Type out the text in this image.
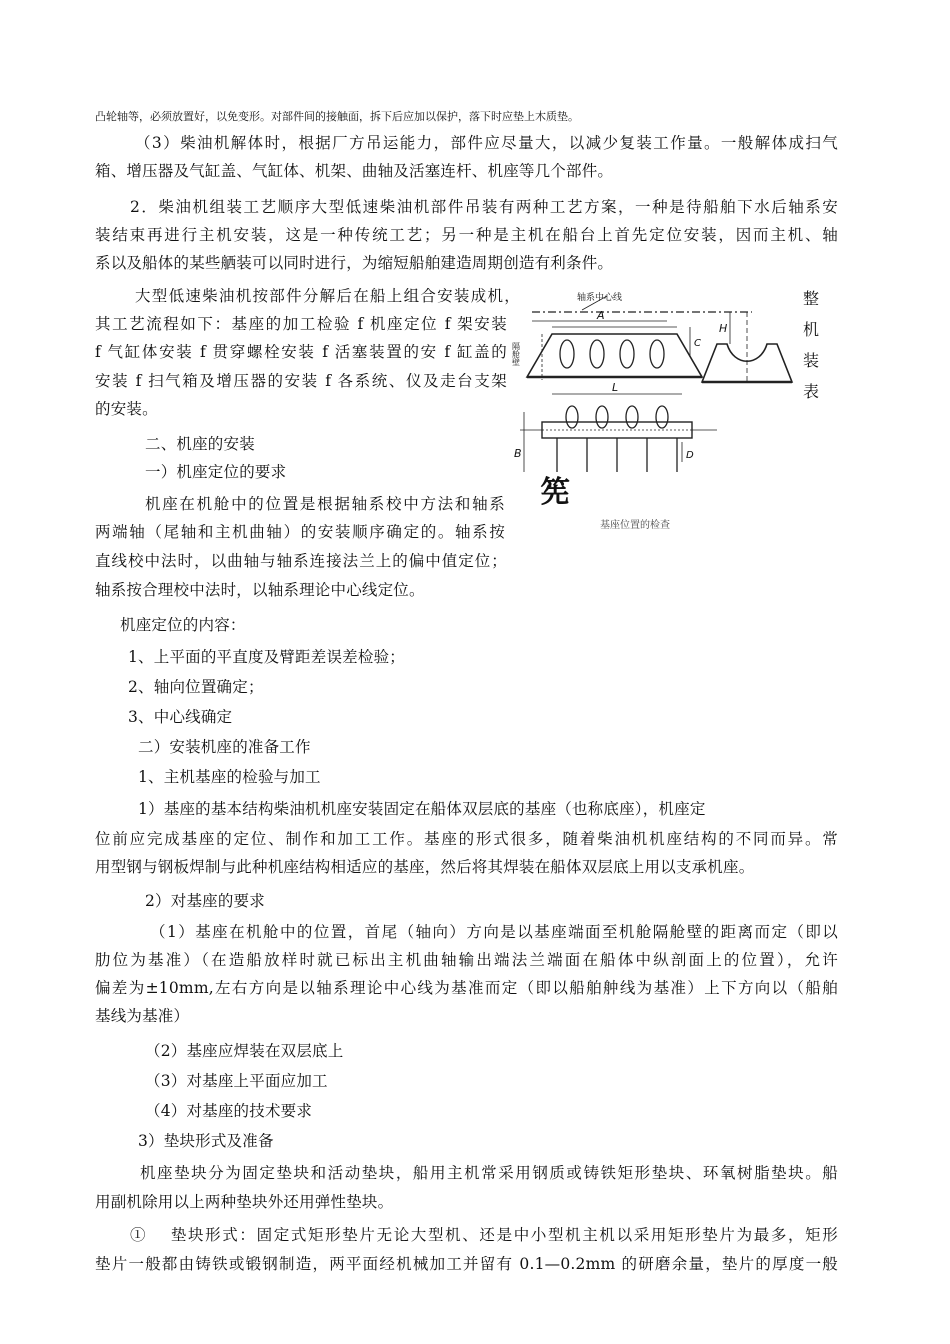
凸轮轴等，必须放置好，以免变形。对部件间的接触面，拆下后应加以保护，落下时应垫上木质垫。
（3）柴油机解体时，根据厂方吊运能力，部件应尽量大，以减少复装工作量。一般解体成扫气
箱、增压器及气缸盖、气缸体、机架、曲轴及活塞连杆、机座等几个部件。
2．柴油机组装工艺顺序大型低速柴油机部件吊装有两种工艺方案，一种是待船舶下水后轴系安
装结束再进行主机安装，这是一种传统工艺；另一种是主机在船台上首先定位安装，因而主机、轴
系以及船体的某些舾装可以同时进行，为缩短船舶建造周期创造有利条件。
大型低速柴油机按部件分解后在船上组合安装成机，
其工艺流程如下：基座的加工检验 f 机座定位 f 架安装
f 气缸体安装 f 贯穿螺栓安装 f 活塞装置的安 f 缸盖的
安装 f 扫气箱及增压器的安装 f 各系统、仪及走台支架
的安装。
二、机座的安装
一）机座定位的要求
机座在机舱中的位置是根据轴系校中方法和轴系
两端轴（尾轴和主机曲轴）的安装顺序确定的。轴系按
直线校中法时，以曲轴与轴系连接法兰上的偏中值定位；
轴系按合理校中法时，以轴系理论中心线定位。
机座定位的内容：
1、上平面的平直度及臂距差误差检验；
2、轴向位置确定；
3、中心线确定
二）安装机座的准备工作
1、主机基座的检验与加工
1）基座的基本结构柴油机机座安装固定在船体双层底的基座（也称底座），机座定
位前应完成基座的定位、制作和加工工作。基座的形式很多，随着柴油机机座结构的不同而异。常
用型钢与钢板焊制与此种机座结构相适应的基座，然后将其焊装在船体双层底上用以支承机座。
2）对基座的要求
（1）基座在机舱中的位置，首尾（轴向）方向是以基座端面至机舱隔舱壁的距离而定（即以
肋位为基准）（在造船放样时就已标出主机曲轴输出端法兰端面在船体中纵剖面上的位置），允许
偏差为±10mm,左右方向是以轴系理论中心线为基准而定（即以船舶舯线为基准）上下方向以（船舶
基线为基准）
（2）基座应焊装在双层底上
（3）对基座上平面应加工
（4）对基座的技术要求
3）垫块形式及准备
机座垫块分为固定垫块和活动垫块，船用主机常采用钢质或铸铁矩形垫块、环氧树脂垫块。船
用副机除用以上两种垫块外还用弹性垫块。
①　 垫块形式：固定式矩形垫片无论大型机、还是中小型机主机以采用矩形垫片为最多，矩形
垫片一般都由铸铁或锻钢制造，两平面经机械加工并留有 0.1—0.2mm 的研磨余量，垫片的厚度一般
轴系中心线
A
H
C
L
B	D
隔舱壁
筅
基座位置的检查
整
机
装
表
